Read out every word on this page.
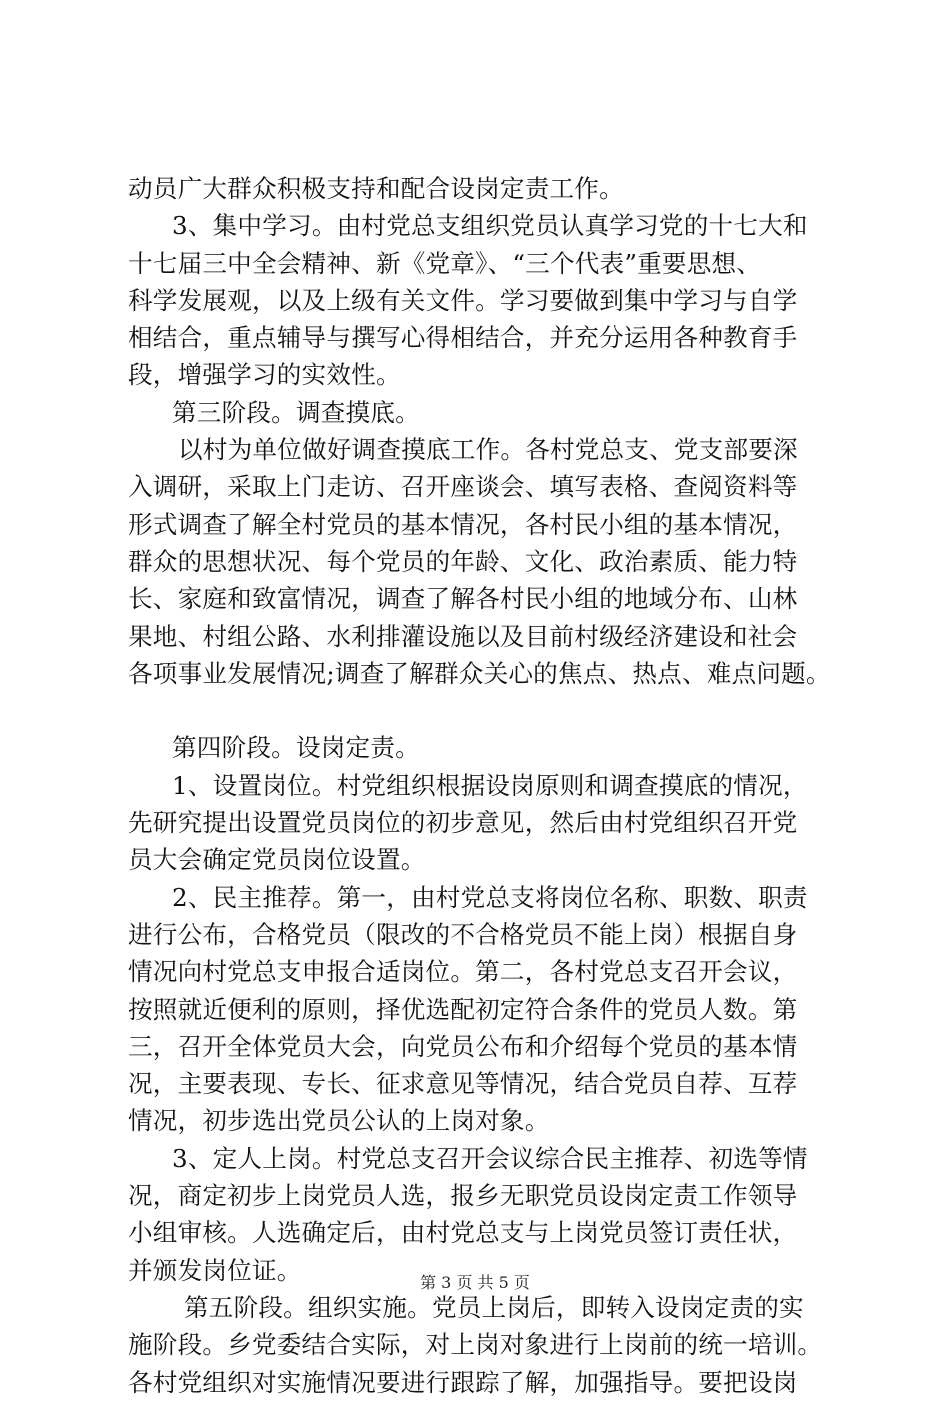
动员广大群众积极支持和配合设岗定责工作。
3、集中学习。由村党总支组织党员认真学习党的十七大和
十七届三中全会精神、新《党章》、“三个代表”重要思想、
科学发展观，以及上级有关文件。学习要做到集中学习与自学
相结合，重点辅导与撰写心得相结合，并充分运用各种教育手
段，增强学习的实效性。
第三阶段。调查摸底。
以村为单位做好调查摸底工作。各村党总支、党支部要深
入调研，采取上门走访、召开座谈会、填写表格、查阅资料等
形式调查了解全村党员的基本情况，各村民小组的基本情况，
群众的思想状况、每个党员的年龄、文化、政治素质、能力特
长、家庭和致富情况，调查了解各村民小组的地域分布、山林
果地、村组公路、水利排灌设施以及目前村级经济建设和社会
各项事业发展情况;调查了解群众关心的焦点、热点、难点问题。
第四阶段。设岗定责。
1、设置岗位。村党组织根据设岗原则和调查摸底的情况，
先研究提出设置党员岗位的初步意见，然后由村党组织召开党
员大会确定党员岗位设置。
2、民主推荐。第一，由村党总支将岗位名称、职数、职责
进行公布，合格党员（限改的不合格党员不能上岗）根据自身
情况向村党总支申报合适岗位。第二，各村党总支召开会议，
按照就近便利的原则，择优选配初定符合条件的党员人数。第
三，召开全体党员大会，向党员公布和介绍每个党员的基本情
况，主要表现、专长、征求意见等情况，结合党员自荐、互荐
情况，初步选出党员公认的上岗对象。
3、定人上岗。村党总支召开会议综合民主推荐、初选等情
况，商定初步上岗党员人选，报乡无职党员设岗定责工作领导
小组审核。人选确定后，由村党总支与上岗党员签订责任状，
并颁发岗位证。
第五阶段。组织实施。党员上岗后，即转入设岗定责的实
施阶段。乡党委结合实际，对上岗对象进行上岗前的统一培训。
各村党组织对实施情况要进行跟踪了解，加强指导。要把设岗
第 3 页 共 5 页
